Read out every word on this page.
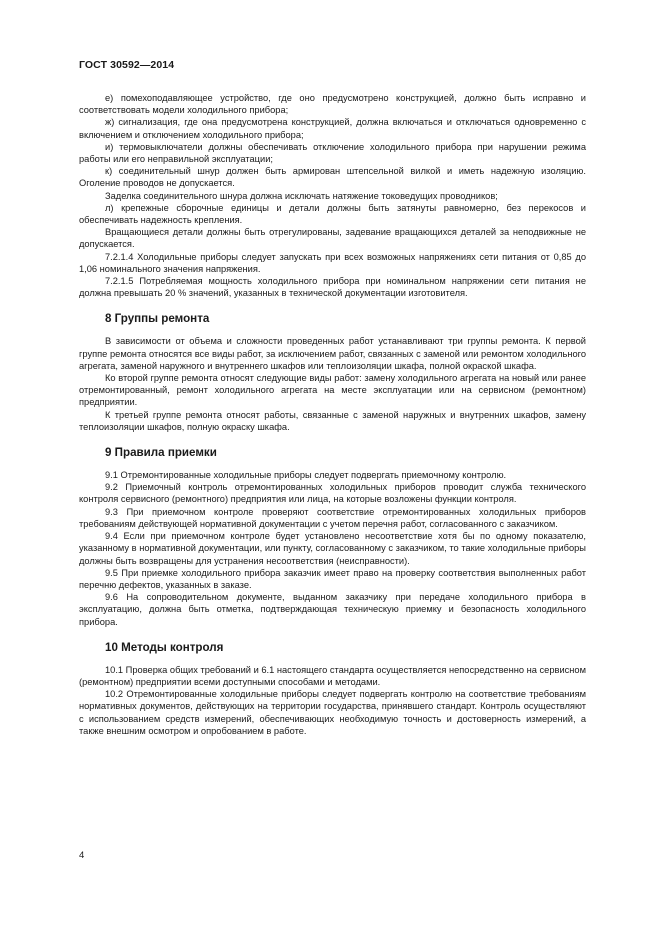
ГОСТ 30592—2014

е) помехоподавляющее устройство, где оно предусмотрено конструкцией, должно быть исправно и соответствовать модели холодильного прибора;

ж) сигнализация, где она предусмотрена конструкцией, должна включаться и отключаться одновременно с включением и отключением холодильного прибора;

и) термовыключатели должны обеспечивать отключение холодильного прибора при нарушении режима работы или его неправильной эксплуатации;

к) соединительный шнур должен быть армирован штепсельной вилкой и иметь надежную изоляцию. Оголение проводов не допускается.

Заделка соединительного шнура должна исключать натяжение токоведущих проводников;

л) крепежные сборочные единицы и детали должны быть затянуты равномерно, без перекосов и обеспечивать надежность крепления.

Вращающиеся детали должны быть отрегулированы, задевание вращающихся деталей за неподвижные не допускается.

7.2.1.4 Холодильные приборы следует запускать при всех возможных напряжениях сети питания от 0,85 до 1,06 номинального значения напряжения.

7.2.1.5 Потребляемая мощность холодильного прибора при номинальном напряжении сети питания не должна превышать 20 % значений, указанных в технической документации изготовителя.

8 Группы ремонта

В зависимости от объема и сложности проведенных работ устанавливают три группы ремонта. К первой группе ремонта относятся все виды работ, за исключением работ, связанных с заменой или ремонтом холодильного агрегата, заменой наружного и внутреннего шкафов или теплоизоляции шкафа, полной окраской шкафа.

Ко второй группе ремонта относят следующие виды работ: замену холодильного агрегата на новый или ранее отремонтированный, ремонт холодильного агрегата на месте эксплуатации или на сервисном (ремонтном) предприятии.

К третьей группе ремонта относят работы, связанные с заменой наружных и внутренних шкафов, замену теплоизоляции шкафов, полную окраску шкафа.

9 Правила приемки

9.1 Отремонтированные холодильные приборы следует подвергать приемочному контролю.

9.2 Приемочный контроль отремонтированных холодильных приборов проводит служба технического контроля сервисного (ремонтного) предприятия или лица, на которые возложены функции контроля.

9.3 При приемочном контроле проверяют соответствие отремонтированных холодильных приборов требованиям действующей нормативной документации с учетом перечня работ, согласованного с заказчиком.

9.4 Если при приемочном контроле будет установлено несоответствие хотя бы по одному показателю, указанному в нормативной документации, или пункту, согласованному с заказчиком, то такие холодильные приборы должны быть возвращены для устранения несоответствия (неисправности).

9.5 При приемке холодильного прибора заказчик имеет право на проверку соответствия выполненных работ перечню дефектов, указанных в заказе.

9.6 На сопроводительном документе, выданном заказчику при передаче холодильного прибора в эксплуатацию, должна быть отметка, подтверждающая техническую приемку и безопасность холодильного прибора.

10 Методы контроля

10.1 Проверка общих требований и 6.1 настоящего стандарта осуществляется непосредственно на сервисном (ремонтном) предприятии всеми доступными способами и методами.

10.2 Отремонтированные холодильные приборы следует подвергать контролю на соответствие требованиям нормативных документов, действующих на территории государства, принявшего стандарт. Контроль осуществляют с использованием средств измерений, обеспечивающих необходимую точность и достоверность измерений, а также внешним осмотром и опробованием в работе.

4
